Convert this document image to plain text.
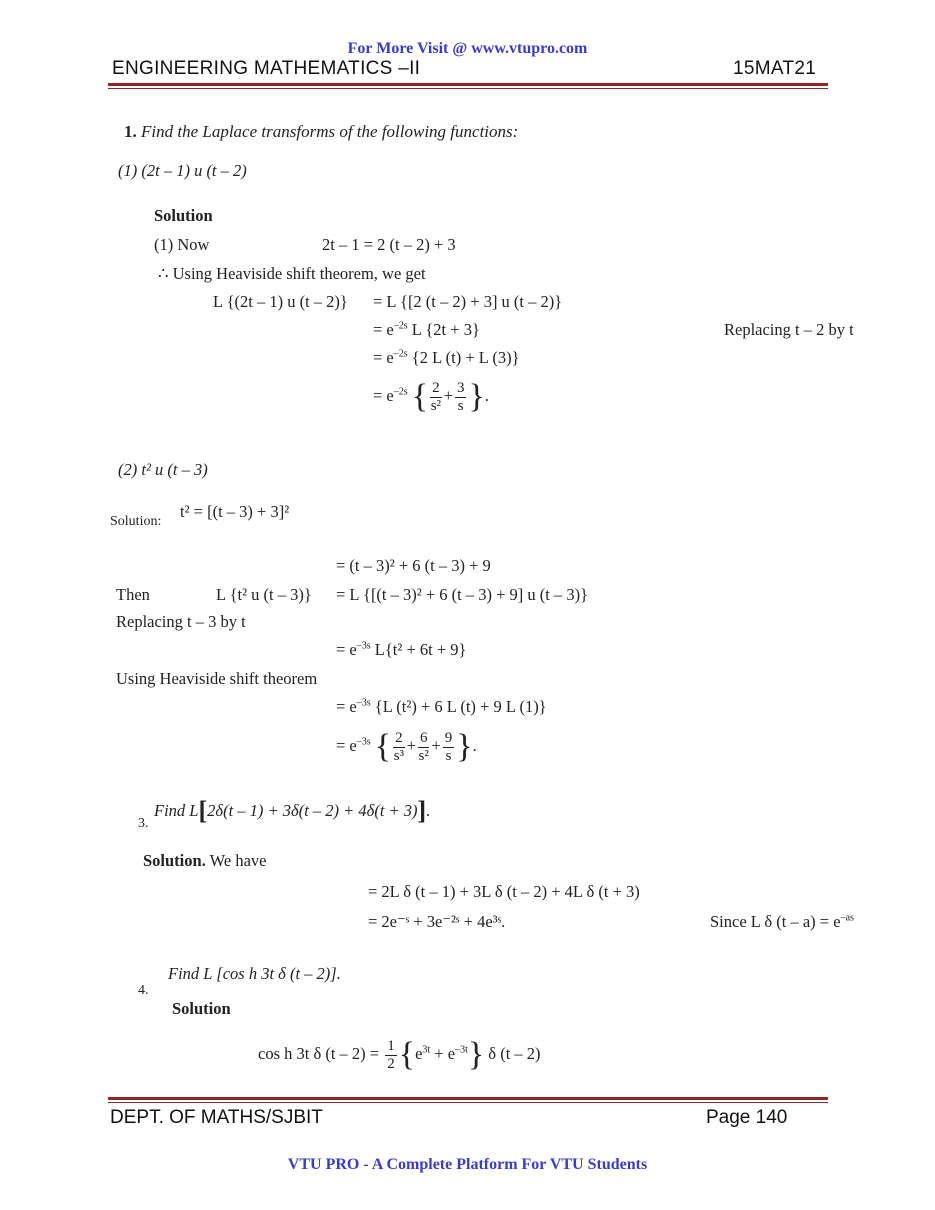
For More Visit @ www.vtupro.com
ENGINEERING MATHEMATICS –II	15MAT21
1. Find the Laplace transforms of the following functions:
(1) (2t – 1) u (t – 2)
Solution
(1) Now	2t – 1 = 2 (t – 2) + 3
∴ Using Heaviside shift theorem, we get
L {(2t – 1) u (t – 2)} = L {[2 (t – 2) + 3] u (t – 2)}
= $e^{-2s}$ L {2t + 3}	Replacing t – 2 by t
= $e^{-2s}$ {2 L (t) + L (3)}
= $e^{-2s}$ { $\frac{2}{\text{s²}} + \frac{3}{s}$ }.
(2) t² u (t – 3)
Solution:
t² = [(t – 3) + 3]²
= (t – 3)² + 6 (t – 3) + 9
Then	L {t² u (t – 3)} = L {[(t – 3)² + 6 (t – 3) + 9] u (t – 3)}
Replacing t – 3 by t
= $e^{-3s}$ L{t² + 6t + 9}
Using Heaviside shift theorem
= $e^{-3s}$ {L (t²) + 6 L (t) + 9 L (1)}
= $e^{-3s}$ { $\frac{2}{\text{s³}} + \frac{6}{\text{s²}} + \frac{9}{s}$ }.
Find L[2δ(t – 1) + 3δ(t – 2) + 4δ(t + 3)].
3.
Solution. We have
= 2L δ (t – 1) + 3L δ (t – 2) + 4L δ (t + 3)
= 2e⁻ˢ + 3e⁻²ˢ + 4e³ˢ.	Since L δ $(t - a) = e^{-as}$
Find L [cos h 3t δ (t – 2)].
4.
Solution
cos h 3t δ $(t - 2) = \frac{1}{2} \{e^{3t} + e^{-3t}\}$ δ (t – 2)
DEPT. OF MATHS/SJBIT	Page 140
VTU PRO - A Complete Platform For VTU Students
